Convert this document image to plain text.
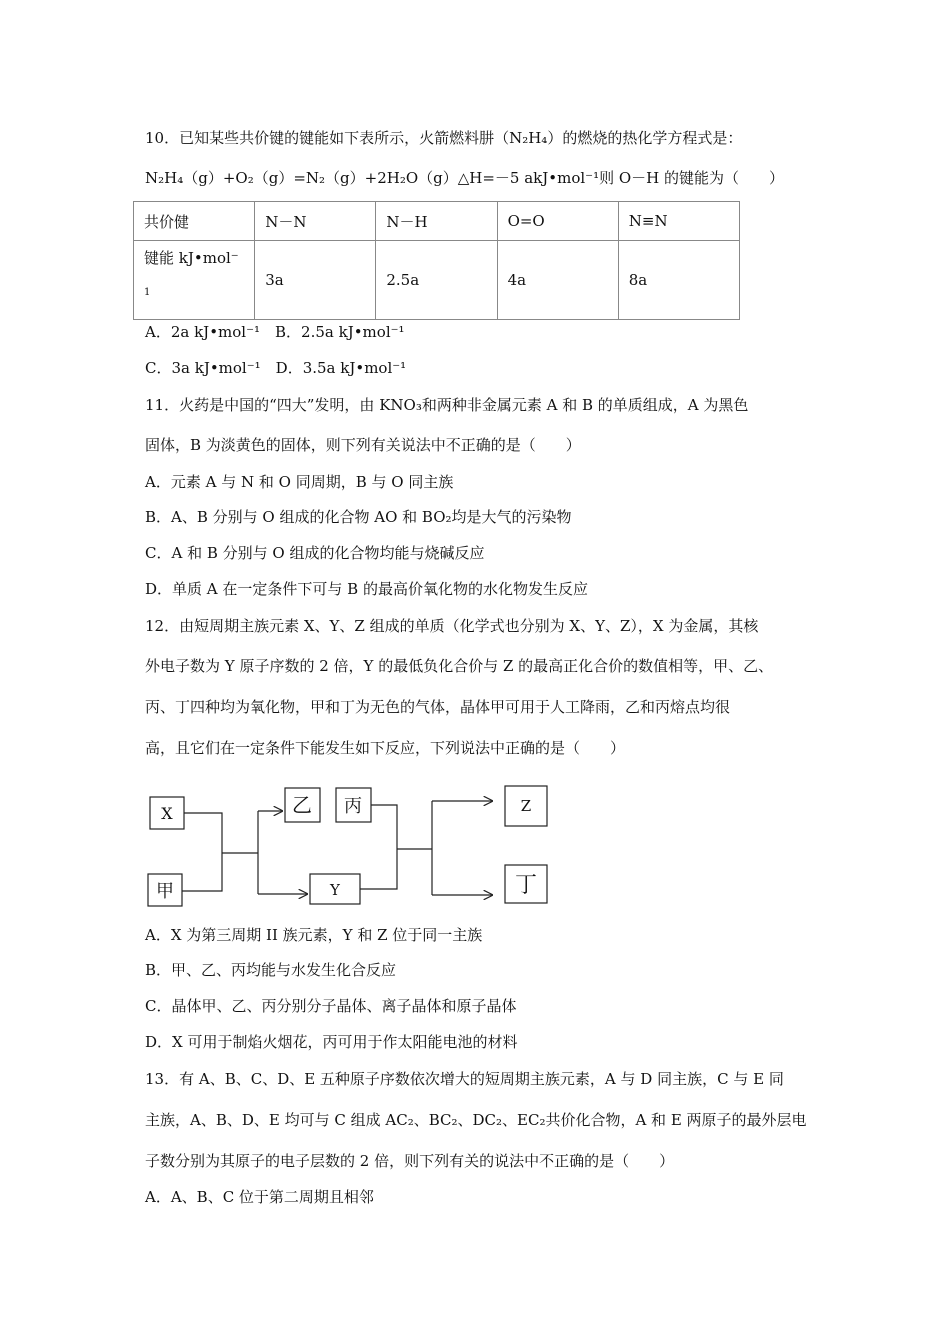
10．已知某些共价键的键能如下表所示，火箭燃料肼（N₂H₄）的燃烧的热化学方程式是：
N₂H₄（g）+O₂（g）=N₂（g）+2H₂O（g）△H=－5 akJ•mol⁻¹则 O－H 的键能为（　　）
共价健	N－N	N－H	O=O	N≡N

键能 kJ•mol⁻
1	3a	2.5a	4a	8a
A．2a kJ•mol⁻¹　B．2.5a kJ•mol⁻¹
C．3a kJ•mol⁻¹　D．3.5a kJ•mol⁻¹
11．火药是中国的“四大”发明，由 KNO₃和两种非金属元素 A 和 B 的单质组成，A 为黑色
固体，B 为淡黄色的固体，则下列有关说法中不正确的是（　　）
A．元素 A 与 N 和 O 同周期，B 与 O 同主族
B．A、B 分别与 O 组成的化合物 AO 和 BO₂均是大气的污染物
C．A 和 B 分别与 O 组成的化合物均能与烧碱反应
D．单质 A 在一定条件下可与 B 的最高价氧化物的水化物发生反应
12．由短周期主族元素 X、Y、Z 组成的单质（化学式也分别为 X、Y、Z），X 为金属，其核
外电子数为 Y 原子序数的 2 倍，Y 的最低负化合价与 Z 的最高正化合价的数值相等，甲、乙、
丙、丁四种均为氧化物，甲和丁为无色的气体，晶体甲可用于人工降雨，乙和丙熔点均很
高，且它们在一定条件下能发生如下反应，下列说法中正确的是（　　）
X
甲
乙 丙
Y
Z
丁
A．X 为第三周期 II 族元素，Y 和 Z 位于同一主族
B．甲、乙、丙均能与水发生化合反应
C．晶体甲、乙、丙分别分子晶体、离子晶体和原子晶体
D．X 可用于制焰火烟花，丙可用于作太阳能电池的材料
13．有 A、B、C、D、E 五种原子序数依次增大的短周期主族元素，A 与 D 同主族，C 与 E 同
主族，A、B、D、E 均可与 C 组成 AC₂、BC₂、DC₂、EC₂共价化合物，A 和 E 两原子的最外层电
子数分别为其原子的电子层数的 2 倍，则下列有关的说法中不正确的是（　　）
A．A、B、C 位于第二周期且相邻
